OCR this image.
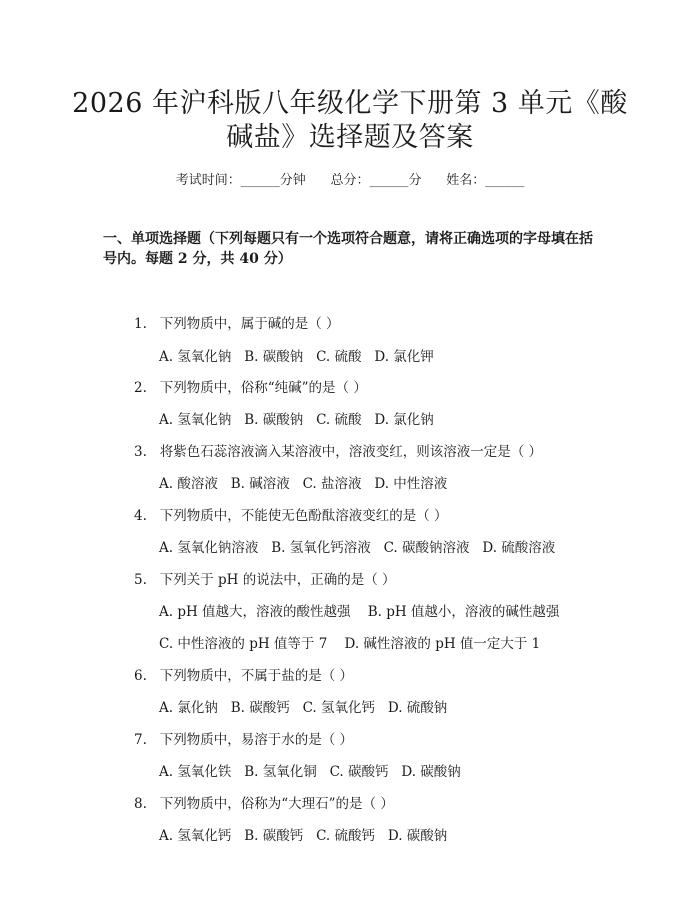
2026 年沪科版八年级化学下册第 3 单元《酸
碱盐》选择题及答案
考试时间：______分钟      总分：______分      姓名：______
一、单项选择题（下列每题只有一个选项符合题意，请将正确选项的字母填在括
号内。每题 2 分，共 40 分）
1.   下列物质中，属于碱的是（ ）
A. 氢氧化钠   B. 碳酸钠   C. 硫酸   D. 氯化钾
2.   下列物质中，俗称“纯碱”的是（ ）
A. 氢氧化钠   B. 碳酸钠   C. 硫酸   D. 氯化钠
3.   将紫色石蕊溶液滴入某溶液中，溶液变红，则该溶液一定是（ ）
A. 酸溶液   B. 碱溶液   C. 盐溶液   D. 中性溶液
4.   下列物质中，不能使无色酚酞溶液变红的是（ ）
A. 氢氧化钠溶液   B. 氢氧化钙溶液   C. 碳酸钠溶液   D. 硫酸溶液
5.   下列关于 pH 的说法中，正确的是（ ）
A. pH 值越大，溶液的酸性越强    B. pH 值越小，溶液的碱性越强
C. 中性溶液的 pH 值等于 7    D. 碱性溶液的 pH 值一定大于 1
6.   下列物质中，不属于盐的是（ ）
A. 氯化钠   B. 碳酸钙   C. 氢氧化钙   D. 硫酸钠
7.   下列物质中，易溶于水的是（ ）
A. 氢氧化铁   B. 氢氧化铜   C. 碳酸钙   D. 碳酸钠
8.   下列物质中，俗称为“大理石”的是（ ）
A. 氢氧化钙   B. 碳酸钙   C. 硫酸钙   D. 碳酸钠
